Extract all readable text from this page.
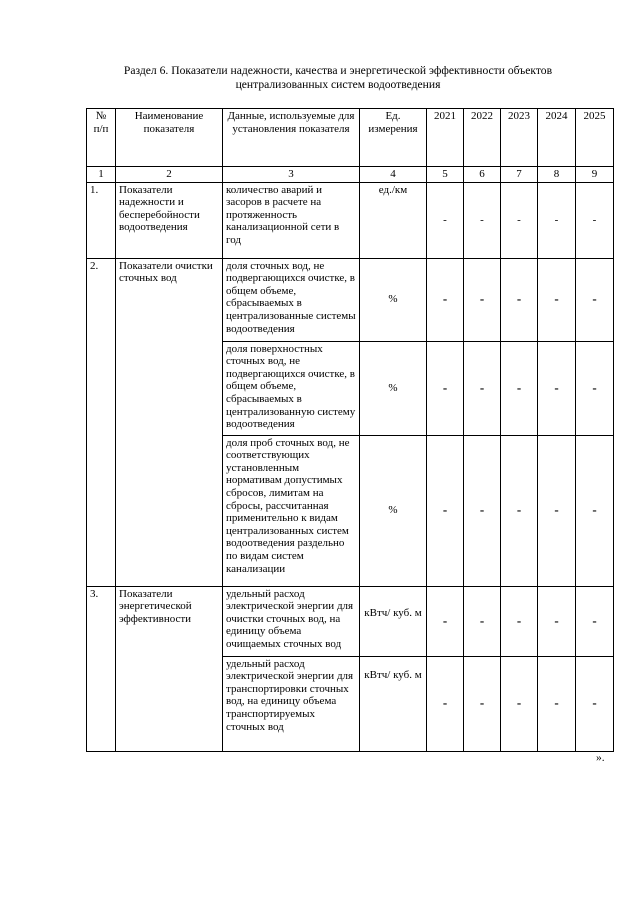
Раздел 6. Показатели надежности, качества и энергетической эффективности объектов
централизованных систем водоотведения
№ п/п	Наименование показателя	Данные, используемые для установления показателя	Ед. измерения	2021	2022	2023	2024	2025
1	2	3	4	5	6	7	8	9
1.	Показатели надежности и бесперебойности водоотведения	количество аварий и засоров в расчете на протяженность канализационной сети в год	ед./км	-	-	-	-	-
2.	Показатели очистки сточных вод	доля сточных вод, не подвергающихся очистке, в общем объеме, сбрасываемых в централизованные системы водоотведения	%	-	-	-	-	-
		доля поверхностных сточных вод, не подвергающихся очистке, в общем объеме, сбрасываемых в централизованную систему водоотведения	%	-	-	-	-	-
		доля проб сточных вод, не соответствующих установленным нормативам допустимых сбросов, лимитам на сбросы, рассчитанная применительно к видам централизованных систем водоотведения раздельно по видам систем канализации	%	-	-	-	-	-
3.	Показатели энергетической эффективности	удельный расход электрической энергии для очистки сточных вод, на единицу объема очищаемых сточных вод	кВтч/ куб. м	-	-	-	-	-
		удельный расход электрической энергии для транспортировки сточных вод, на единицу объема транспортируемых сточных вод	кВтч/ куб. м	-	-	-	-	-
».
